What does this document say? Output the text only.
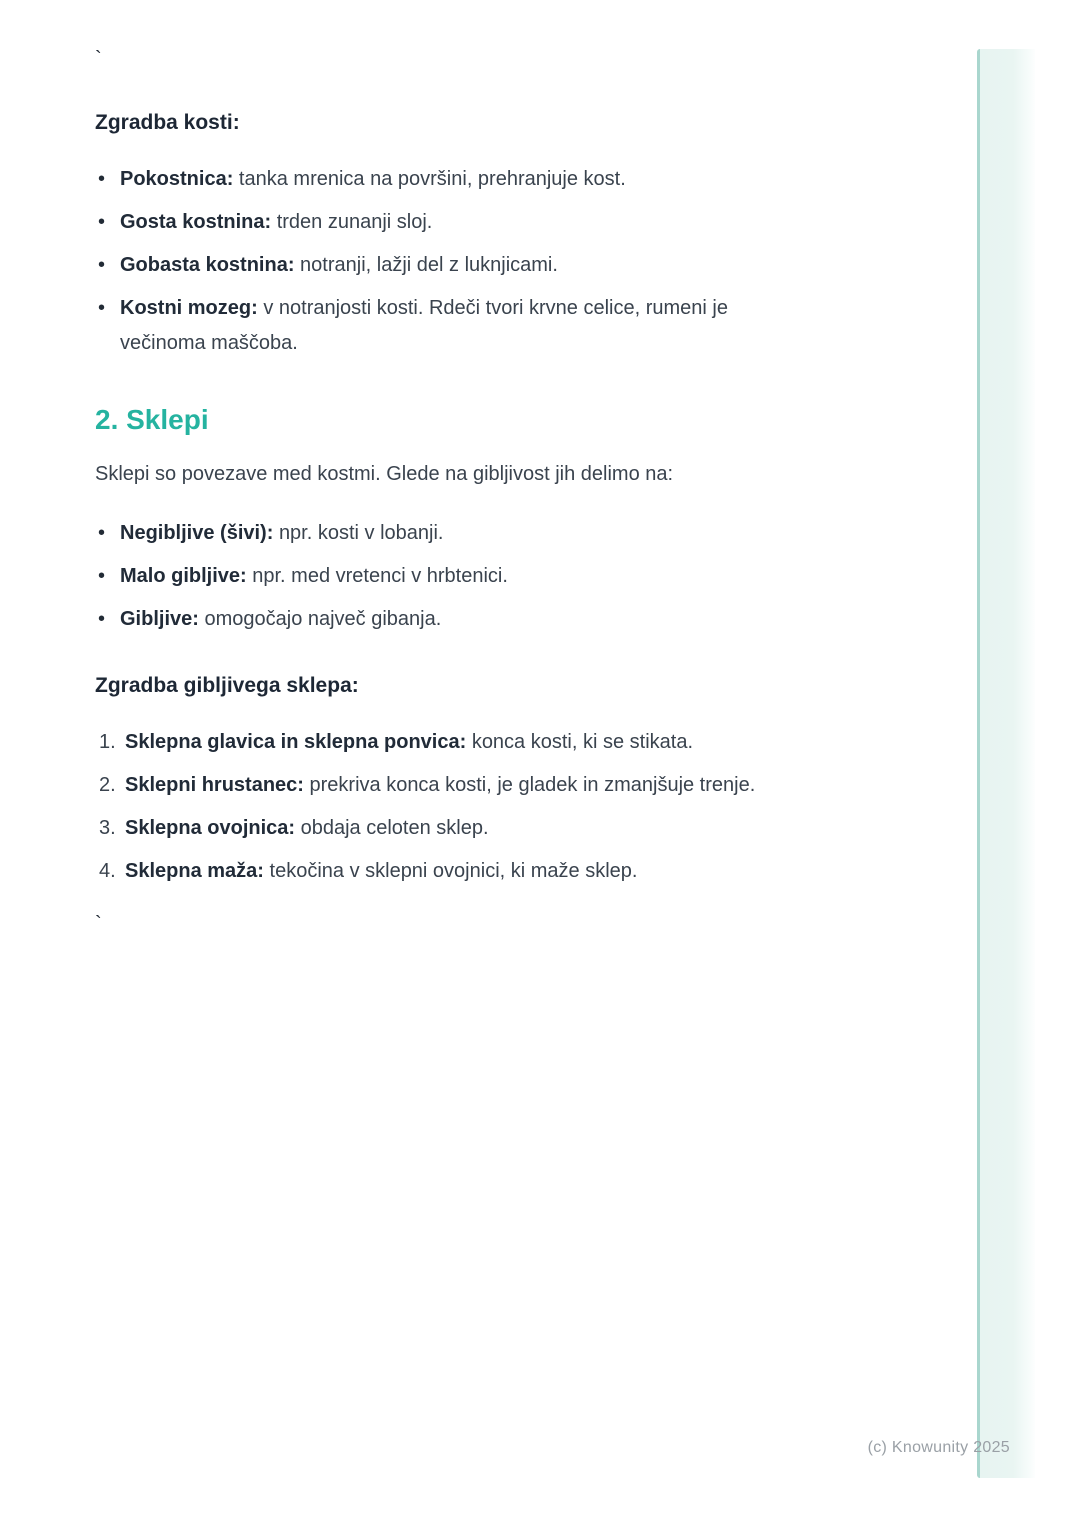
`
Zgradba kosti:
• Pokostnica: tanka mrenica na površini, prehranjuje kost.
• Gosta kostnina: trden zunanji sloj.
• Gobasta kostnina: notranji, lažji del z luknjicami.
• Kostni mozeg: v notranjosti kosti. Rdeči tvori krvne celice, rumeni je večinoma maščoba.
2. Sklepi

Sklepi so povezave med kostmi. Glede na gibljivost jih delimo na:

• Negibljive (šivi): npr. kosti v lobanji.
• Malo gibljive: npr. med vretenci v hrbtenici.
• Gibljive: omogočajo največ gibanja.
Zgradba gibljivega sklepa:
1. Sklepna glavica in sklepna ponvica: konca kosti, ki se stikata.
2. Sklepni hrustanec: prekriva konca kosti, je gladek in zmanjšuje trenje.
3. Sklepna ovojnica: obdaja celoten sklep.
4. Sklepna maža: tekočina v sklepni ovojnici, ki maže sklep.
`
(c) Knowunity 2025
